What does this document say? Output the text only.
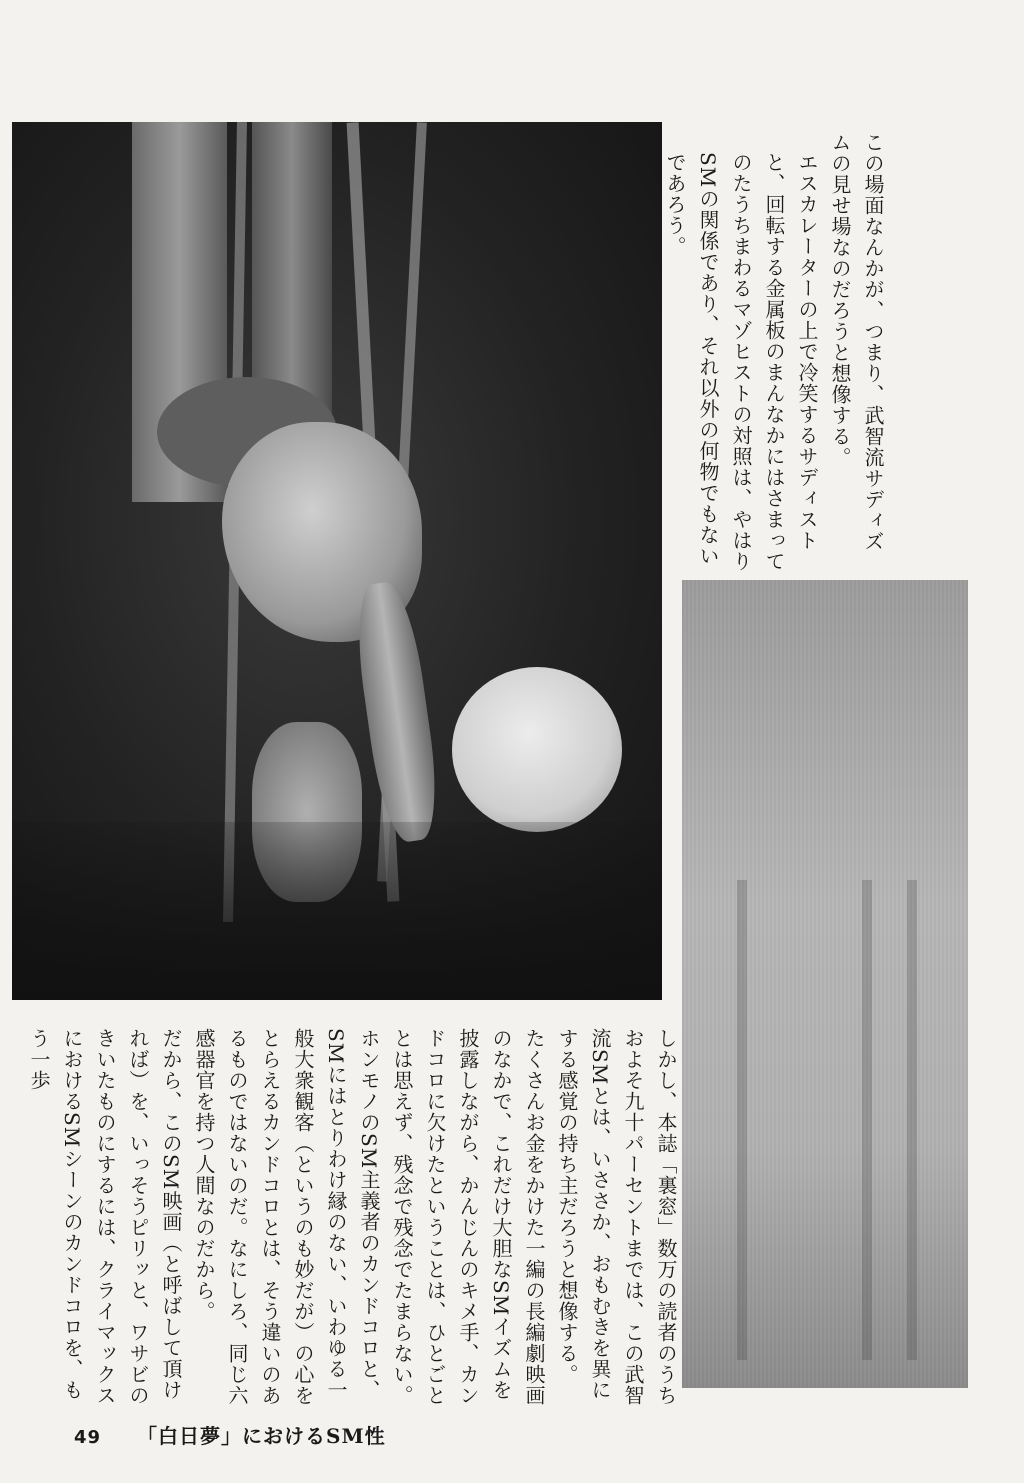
この場面なんかが、つまり、武智流サディズムの見せ場なのだろうと想像する。

エスカレーターの上で冷笑するサディストと、回転する金属板のまんなかにはさまってのたうちまわるマゾヒストの対照は、やはりSMの関係であり、それ以外の何物でもないであろう。

しかし、本誌「裏窓」数万の読者のうちおよそ九十パーセントまでは、この武智流SMとは、いささか、おもむきを異にする感覚の持ち主だろうと想像する。

たくさんお金をかけた一編の長編劇映画のなかで、これだけ大胆なSMイズムを披露しながら、かんじんのキメ手、カンドコロに欠けたということは、ひとごととは思えず、残念で残念でたまらない。

ホンモノのSM主義者のカンドコロと、SMにはとりわけ縁のない、いわゆる一般大衆観客（というのも妙だが）の心をとらえるカンドコロとは、そう違いのあるものではないのだ。なにしろ、同じ六感器官を持つ人間なのだから。

だから、このSM映画（と呼ばして頂ければ）を、いっそうピリッと、ワサビのきいたものにするには、クライマックスにおけるSMシーンのカンドコロを、もう一歩

49 「白日夢」におけるSM性
